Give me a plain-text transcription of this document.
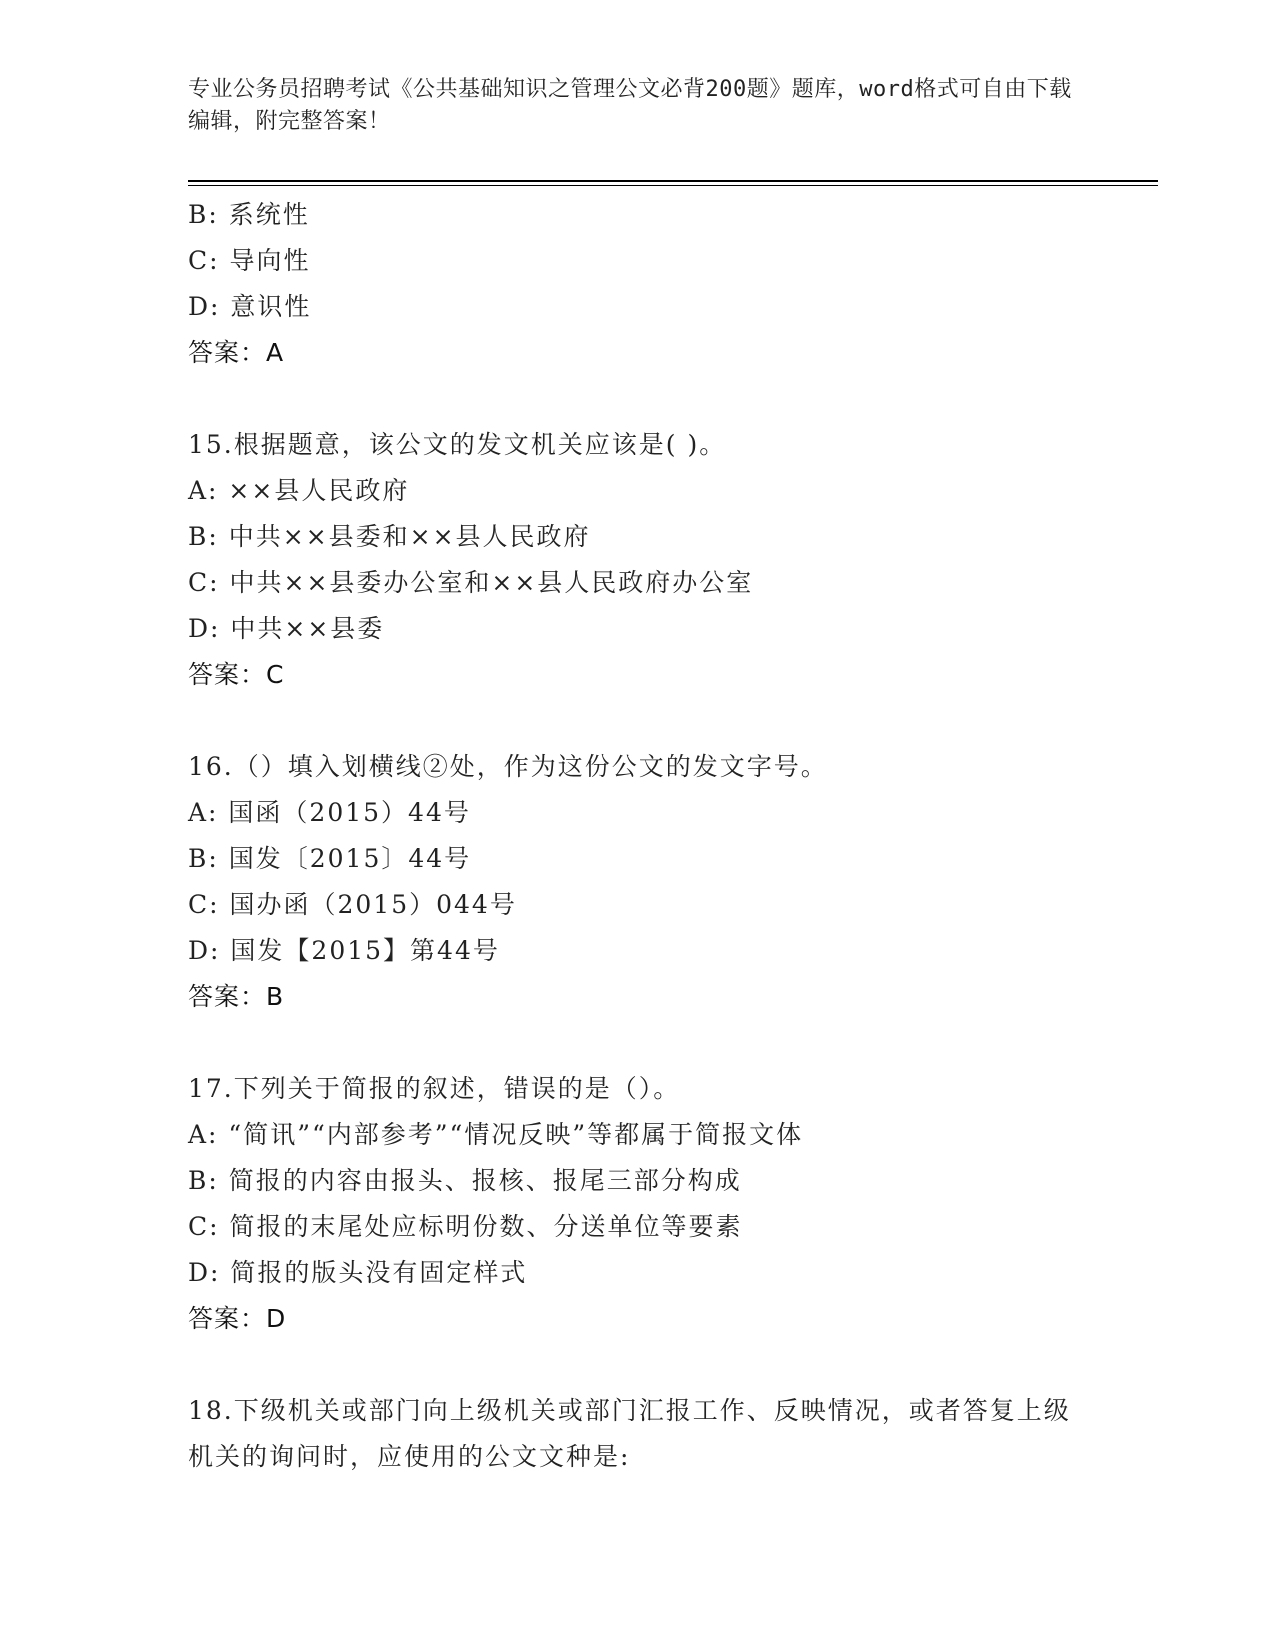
专业公务员招聘考试《公共基础知识之管理公文必背200题》题库，word格式可自由下载编辑，附完整答案！
B: 系统性
C: 导向性
D: 意识性
答案：A
15.根据题意，该公文的发文机关应该是( )。
A: ××县人民政府
B: 中共××县委和××县人民政府
C: 中共××县委办公室和××县人民政府办公室
D: 中共××县委
答案：C
16.（）填入划横线②处，作为这份公文的发文字号。
A: 国函（2015）44号
B: 国发〔2015〕44号
C: 国办函（2015）044号
D: 国发【2015】第44号
答案：B
17.下列关于简报的叙述，错误的是（）。
A: “简讯”“内部参考”“情况反映”等都属于简报文体
B: 简报的内容由报头、报核、报尾三部分构成
C: 简报的末尾处应标明份数、分送单位等要素
D: 简报的版头没有固定样式
答案：D
18.下级机关或部门向上级机关或部门汇报工作、反映情况，或者答复上级机关的询问时，应使用的公文文种是:
